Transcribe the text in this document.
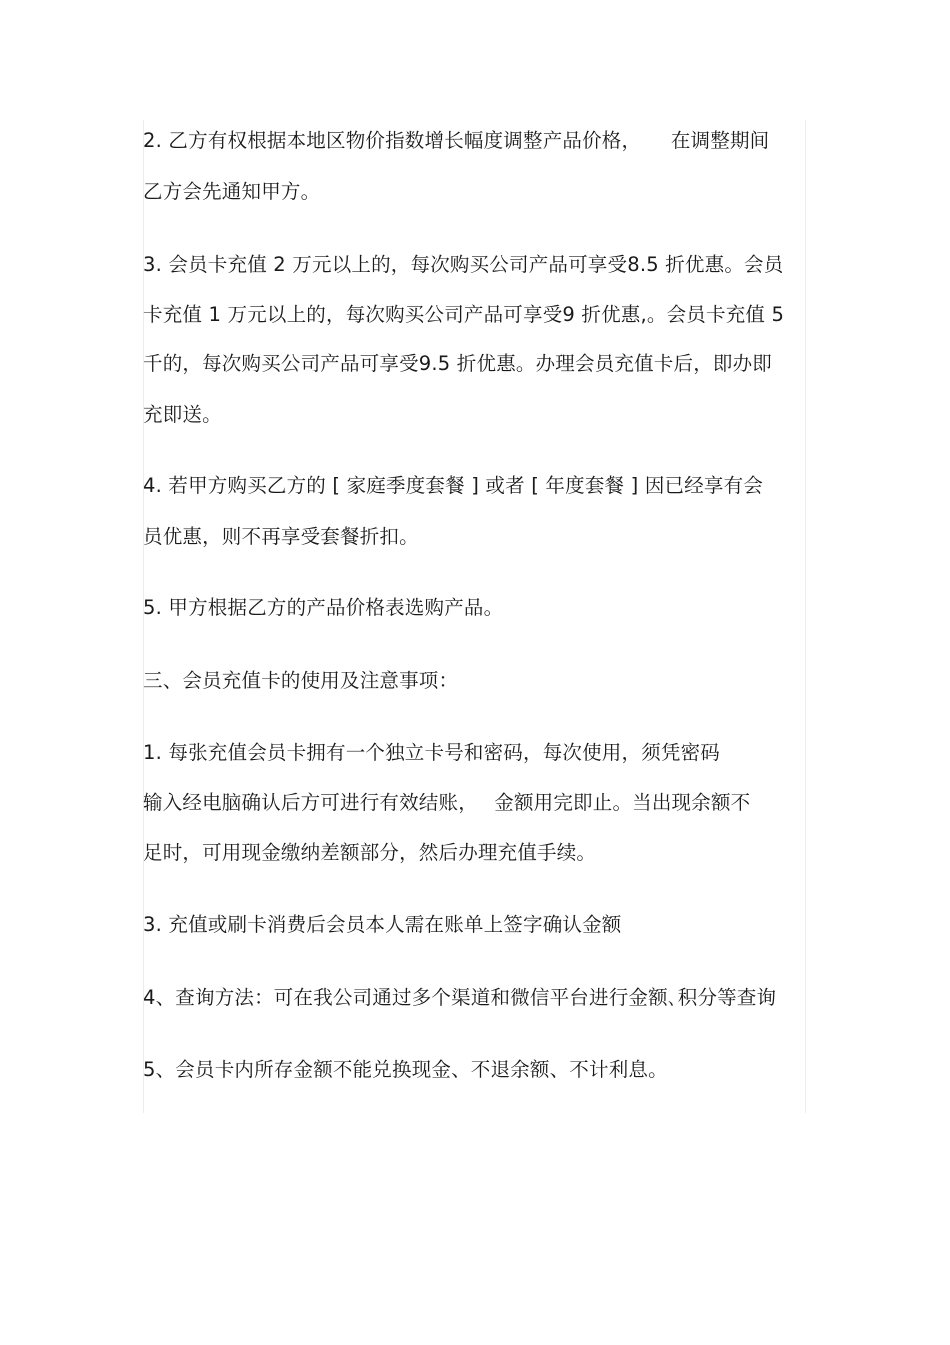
2. 乙方有权根据本地区物价指数增长幅度调整产品价格，　　在调整期间
乙方会先通知甲方。
3. 会员卡充值 2 万元以上的，每次购买公司产品可享受8.5 折优惠。会员
卡充值 1 万元以上的，每次购买公司产品可享受9 折优惠,。会员卡充值 5
千的，每次购买公司产品可享受9.5 折优惠。办理会员充值卡后，即办即
充即送。
4. 若甲方购买乙方的 [ 家庭季度套餐 ] 或者 [ 年度套餐 ] 因已经享有会
员优惠，则不再享受套餐折扣。
5. 甲方根据乙方的产品价格表选购产品。
三、会员充值卡的使用及注意事项：
1. 每张充值会员卡拥有一个独立卡号和密码，每次使用，须凭密码
输入经电脑确认后方可进行有效结账，　 金额用完即止。当出现余额不
足时，可用现金缴纳差额部分，然后办理充值手续。
3. 充值或刷卡消费后会员本人需在账单上签字确认金额
4、查询方法：可在我公司通过多个渠道和微信平台进行金额､积分等查询
5、会员卡内所存金额不能兑换现金、不退余额、不计利息。
